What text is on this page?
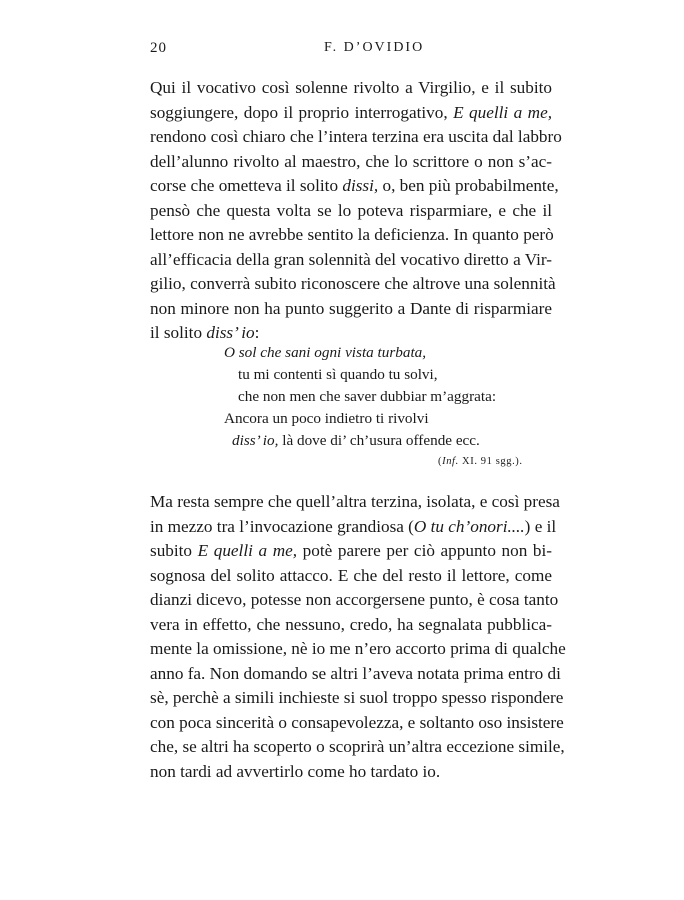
20	F. D’OVIDIO
Qui il vocativo così solenne rivolto a Virgilio, e il subito
soggiungere, dopo il proprio interrogativo, E quelli a me,
rendono così chiaro che l’intera terzina era uscita dal labbro
dell’alunno rivolto al maestro, che lo scrittore o non s’ac-
corse che ometteva il solito dissi, o, ben più probabilmente,
pensò che questa volta se lo poteva risparmiare, e che il
lettore non ne avrebbe sentito la deficienza. In quanto però
all’efficacia della gran solennità del vocativo diretto a Vir-
gilio, converrà subito riconoscere che altrove una solennità
non minore non ha punto suggerito a Dante di risparmiare
il solito diss’ io:
O sol che sani ogni vista turbata,
tu mi contenti sì quando tu solvi,
che non men che saver dubbiar m’aggrata:
Ancora un poco indietro ti rivolvi
diss’ io, là dove di’ ch’usura offende ecc.
(Inf. XI. 91 sgg.).
Ma resta sempre che quell’altra terzina, isolata, e così presa
in mezzo tra l’invocazione grandiosa (O tu ch’onori....) e il
subito E quelli a me, potè parere per ciò appunto non bi-
sognosa del solito attacco. E che del resto il lettore, come
dianzi dicevo, potesse non accorgersene punto, è cosa tanto
vera in effetto, che nessuno, credo, ha segnalata pubblica-
mente la omissione, nè io me n’ero accorto prima di qualche
anno fa. Non domando se altri l’aveva notata prima entro di
sè, perchè a simili inchieste si suol troppo spesso rispondere
con poca sincerità o consapevolezza, e soltanto oso insistere
che, se altri ha scoperto o scoprirà un’altra eccezione simile,
non tardi ad avvertirlo come ho tardato io.
